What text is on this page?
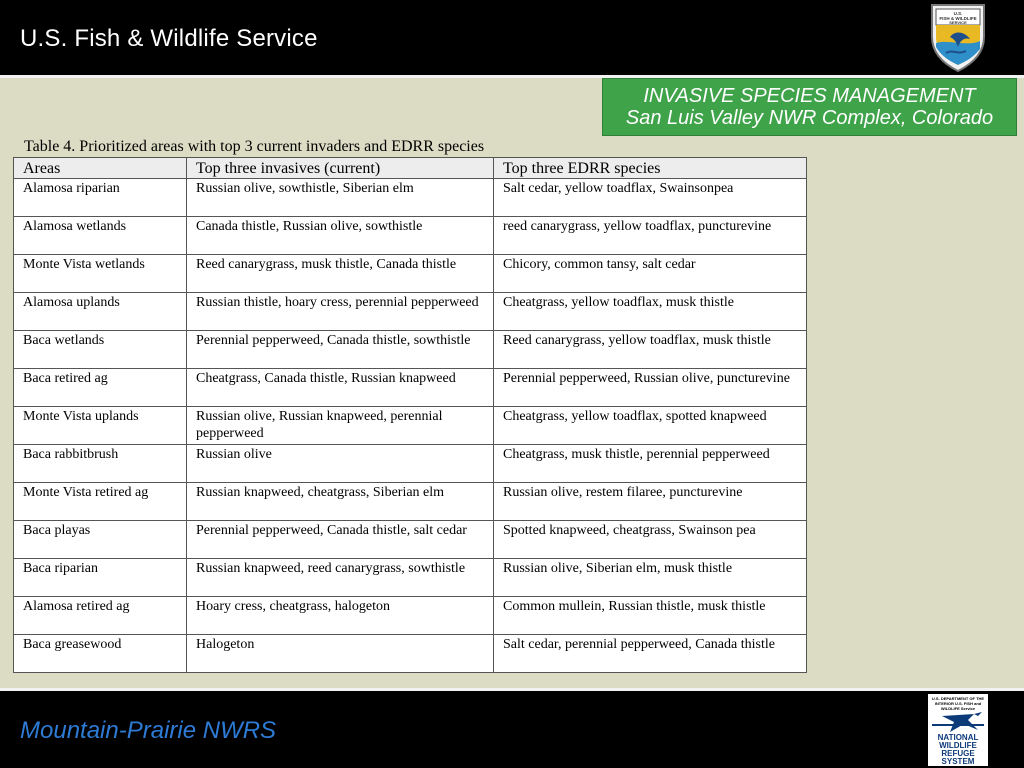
U.S. Fish & Wildlife Service
U.S.
FISH & WILDLIFE
SERVICE
INVASIVE SPECIES MANAGEMENT
San Luis Valley NWR Complex, Colorado
Table 4. Prioritized areas with top 3 current invaders and EDRR species
Areas	Top three invasives (current)	Top three EDRR species
Alamosa riparian	Russian olive, sowthistle, Siberian elm	Salt cedar, yellow toadflax, Swainsonpea
Alamosa wetlands	Canada thistle, Russian olive, sowthistle	reed canarygrass, yellow toadflax, puncturevine
Monte Vista wetlands	Reed canarygrass, musk thistle, Canada thistle	Chicory, common tansy, salt cedar
Alamosa uplands	Russian thistle, hoary cress, perennial pepperweed	Cheatgrass, yellow toadflax, musk thistle
Baca wetlands	Perennial pepperweed, Canada thistle, sowthistle	Reed canarygrass, yellow toadflax, musk thistle
Baca retired ag	Cheatgrass, Canada thistle, Russian knapweed	Perennial pepperweed, Russian olive, puncturevine
Monte Vista uplands	Russian olive, Russian knapweed, perennial pepperweed	Cheatgrass, yellow toadflax, spotted knapweed
Baca rabbitbrush	Russian olive	Cheatgrass, musk thistle, perennial pepperweed
Monte Vista retired ag	Russian knapweed, cheatgrass, Siberian elm	Russian olive, restem filaree, puncturevine
Baca playas	Perennial pepperweed, Canada thistle, salt cedar	Spotted knapweed, cheatgrass, Swainson pea
Baca riparian	Russian knapweed, reed canarygrass, sowthistle	Russian olive, Siberian elm, musk thistle
Alamosa retired ag	Hoary cress, cheatgrass, halogeton	Common mullein, Russian thistle, musk thistle
Baca greasewood	Halogeton	Salt cedar, perennial pepperweed, Canada thistle
Mountain-Prairie NWRS
U.S. DEPARTMENT OF THE INTERIOR U.S. FISH and WILDLIFE Service
NATIONAL WILDLIFE REFUGE SYSTEM
